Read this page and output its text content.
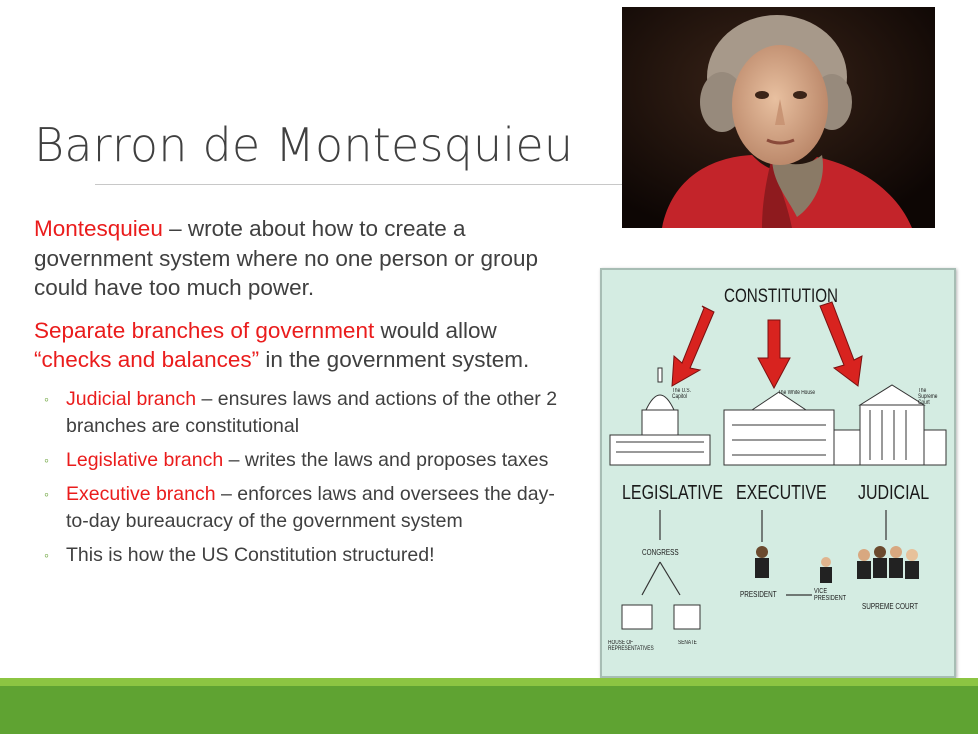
Barron de Montesquieu

Montesquieu – wrote about how to create a government system where no one person or group could have too much power.

Separate branches of government would allow
“checks and balances” in the government system.

◦ Judicial branch – ensures laws and actions of the other 2 branches are constitutional
◦ Legislative branch – writes the laws and proposes taxes
◦ Executive branch – enforces laws and oversees the day-to-day bureaucracy of the government system
◦ This is how the US Constitution structured!
CONSTITUTION
LEGISLATIVE EXECUTIVE JUDICIAL
The U.S. Capitol
The White House	The Supreme Court
CONGRESS
HOUSE OF REPRESENTATIVES
SENATE
PRESIDENT	VICE PRESIDENT
SUPREME COURT
